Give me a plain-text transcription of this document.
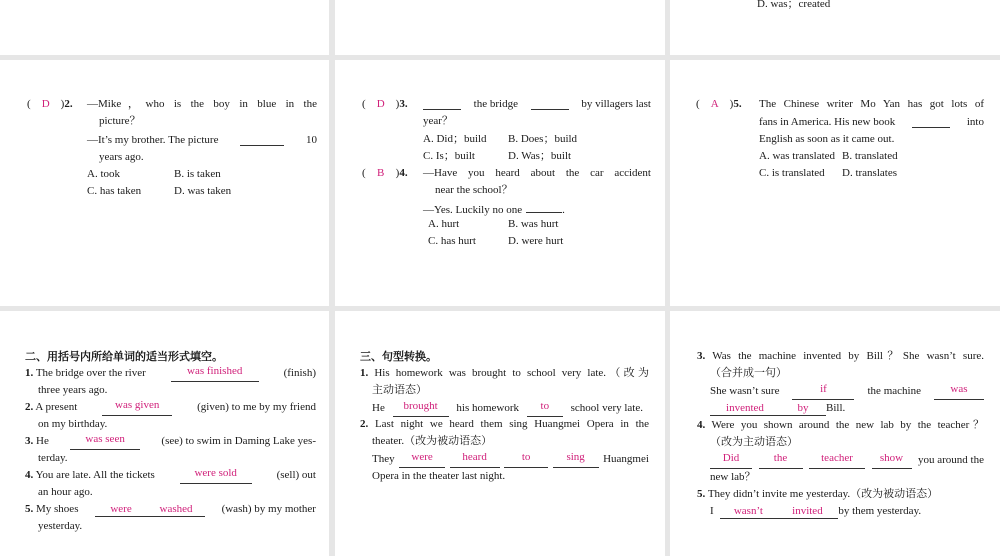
D. was；created
( D )2. —Mike，who is the boy in blue in the
picture？
—It’s my brother. The picture	10
years ago.
A. took	B. is taken
C. has taken	D. was taken
( D )3.	the bridge	by villagers last
year？
A. Did；build B. Does；build
C. Is；built	D. Was；built
( B )4. —Have you heard about the car accident
near the school？
—Yes. Luckily no one	.
A. hurt	B. was hurt
C. has hurt	D. were hurt
( A )5. The Chinese writer Mo Yan has got lots of
fans in America. His new book	into
English as soon as it came out.
A. was translated B. translated
C. is translated D. translates
二、用括号内所给单词的适当形式填空。
1. The bridge over the river	was finished	(finish)
three years ago.
2. A present	was given	(given) to me by my friend
on my birthday.
3. He	was seen	(see) to swim in Daming Lake yes-
terday.
4. You are late. All the tickets	were sold	(sell) out
an hour ago.
5. My shoes	were	washed	(wash) by my mother
yesterday.
三、句型转换。
1. His homework was brought to school very late.（改为
主动语态）
He	brought	his homework	to	school very late.
2. Last night we heard them sing Huangmei Opera in the
theater.（改为被动语态）
They	were	heard	to	sing	Huangmei
Opera in the theater last night.
3. Was the machine invented by Bill？She wasn’t sure.
（合并成一句）
She wasn’t sure	if	the machine	was
invented	by Bill.
4. Were you shown around the new lab by the teacher？
（改为主动语态）
Did	the	teacher	show	you around the
new lab？
5. They didn’t invite me yesterday.（改为被动语态）
I wasn’t	invited by them yesterday.
